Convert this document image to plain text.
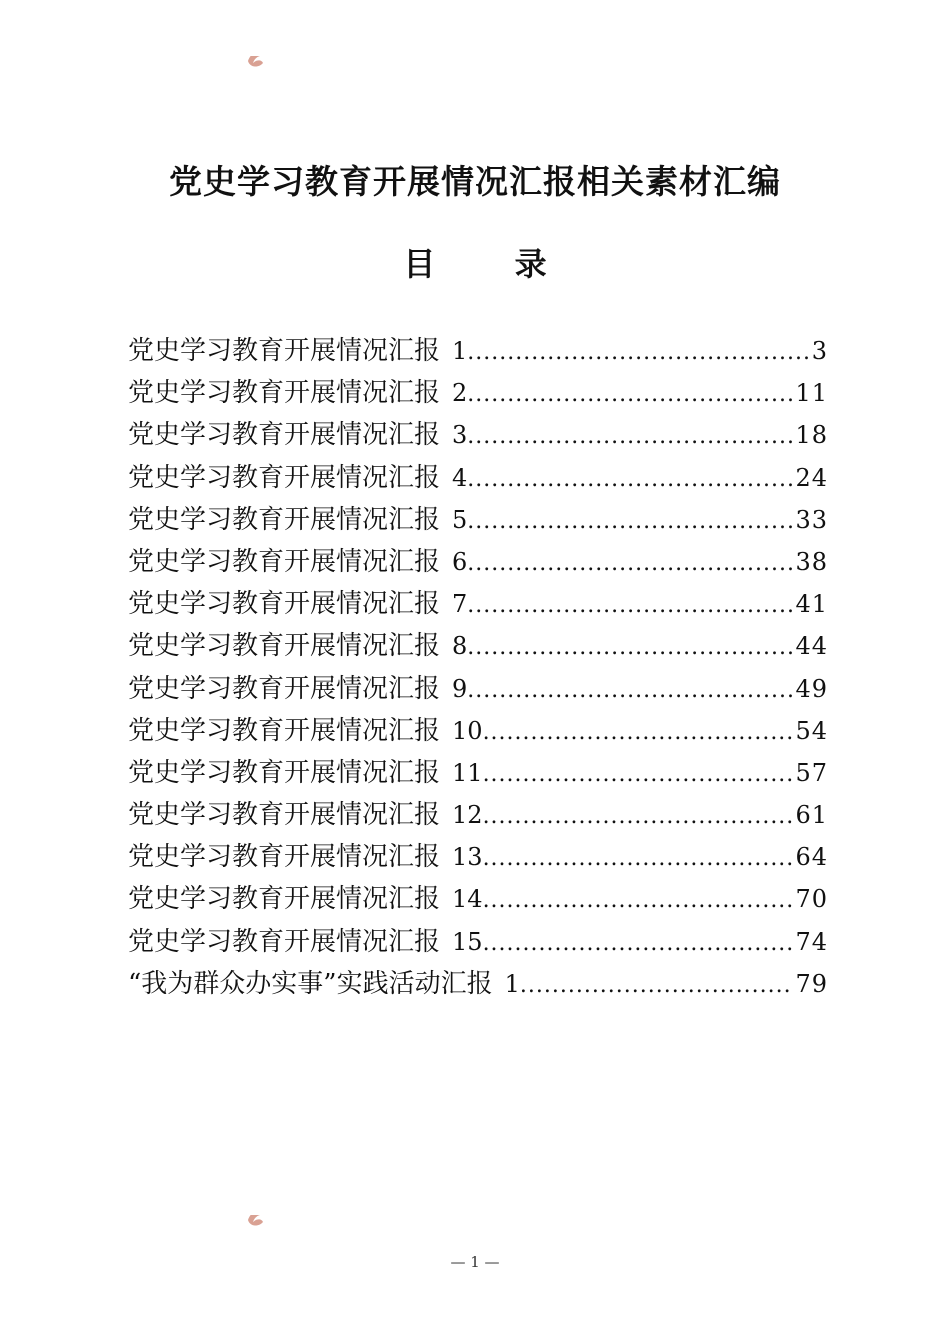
党史学习教育开展情况汇报相关素材汇编
目 录
党史学习教育开展情况汇报 1 .....	3
党史学习教育开展情况汇报 2 .....	11
党史学习教育开展情况汇报 3 .....	18
党史学习教育开展情况汇报 4 .....	24
党史学习教育开展情况汇报 5 .....	33
党史学习教育开展情况汇报 6 .....	38
党史学习教育开展情况汇报 7 .....	41
党史学习教育开展情况汇报 8 .....	44
党史学习教育开展情况汇报 9 .....	49
党史学习教育开展情况汇报 10 .....	54
党史学习教育开展情况汇报 11 .....	57
党史学习教育开展情况汇报 12 .....	61
党史学习教育开展情况汇报 13 .....	64
党史学习教育开展情况汇报 14 .....	70
党史学习教育开展情况汇报 15 .....	74
“我为群众办实事”实践活动汇报 1 .....	79
— 1 —
